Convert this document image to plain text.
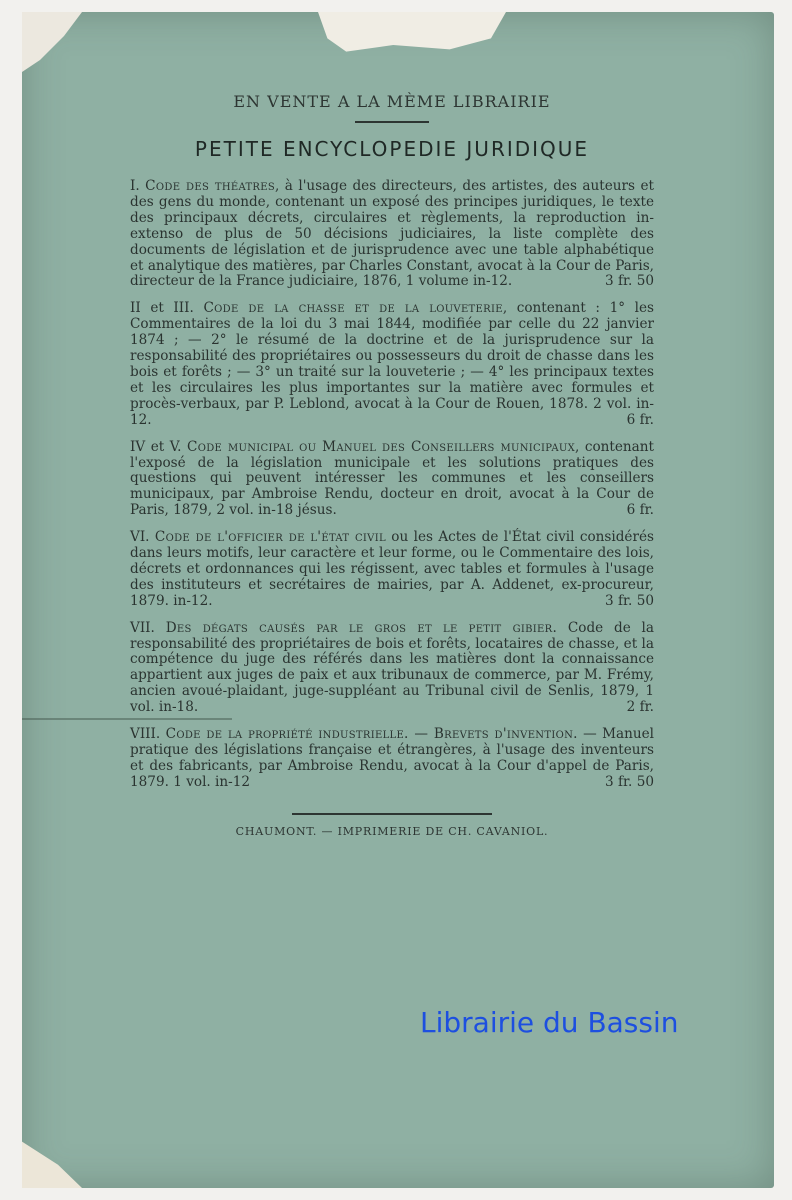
EN VENTE A LA MÈME LIBRAIRIE
PETITE ENCYCLOPEDIE JURIDIQUE
I. Code des théatres, à l'usage des directeurs, des artistes, des auteurs et des gens du monde, contenant un exposé des principes juridiques, le texte des principaux décrets, circulaires et règlements, la reproduction in-extenso de plus de 50 décisions judiciaires, la liste complète des documents de législation et de jurisprudence avec une table alphabétique et analytique des matières, par Charles Constant, avocat à la Cour de Paris, directeur de la France judiciaire, 1876, 1 volume in-12.	3 fr. 50
II et III. Code de la chasse et de la louveterie, contenant : 1° les Commentaires de la loi du 3 mai 1844, modifiée par celle du 22 janvier 1874 ; — 2° le résumé de la doctrine et de la jurisprudence sur la responsabilité des propriétaires ou possesseurs du droit de chasse dans les bois et forêts ; — 3° un traité sur la louveterie ; — 4° les principaux textes et les circulaires les plus importantes sur la matière avec formules et procès-verbaux, par P. Leblond, avocat à la Cour de Rouen, 1878. 2 vol. in-12.	6 fr.
IV et V. Code municipal ou Manuel des Conseillers municipaux, contenant l'exposé de la législation municipale et les solutions pratiques des questions qui peuvent intéresser les communes et les conseillers municipaux, par Ambroise Rendu, docteur en droit, avocat à la Cour de Paris, 1879, 2 vol. in-18 jésus.	6 fr.
VI. Code de l'officier de l'état civil ou les Actes de l'État civil considérés dans leurs motifs, leur caractère et leur forme, ou le Commentaire des lois, décrets et ordonnances qui les régissent, avec tables et formules à l'usage des instituteurs et secrétaires de mairies, par A. Addenet, ex-procureur, 1879. in-12.	3 fr. 50
VII. Des dégats causés par le gros et le petit gibier. Code de la responsabilité des propriétaires de bois et forêts, locataires de chasse, et la compétence du juge des référés dans les matières dont la connaissance appartient aux juges de paix et aux tribunaux de commerce, par M. Frémy, ancien avoué-plaidant, juge-suppléant au Tribunal civil de Senlis, 1879, 1 vol. in-18.	2 fr.
VIII. Code de la propriété industrielle. — Brevets d'invention. — Manuel pratique des législations française et étrangères, à l'usage des inventeurs et des fabricants, par Ambroise Rendu, avocat à la Cour d'appel de Paris, 1879. 1 vol. in-12	3 fr. 50
CHAUMONT. — IMPRIMERIE DE CH. CAVANIOL.
Librairie du Bassin
